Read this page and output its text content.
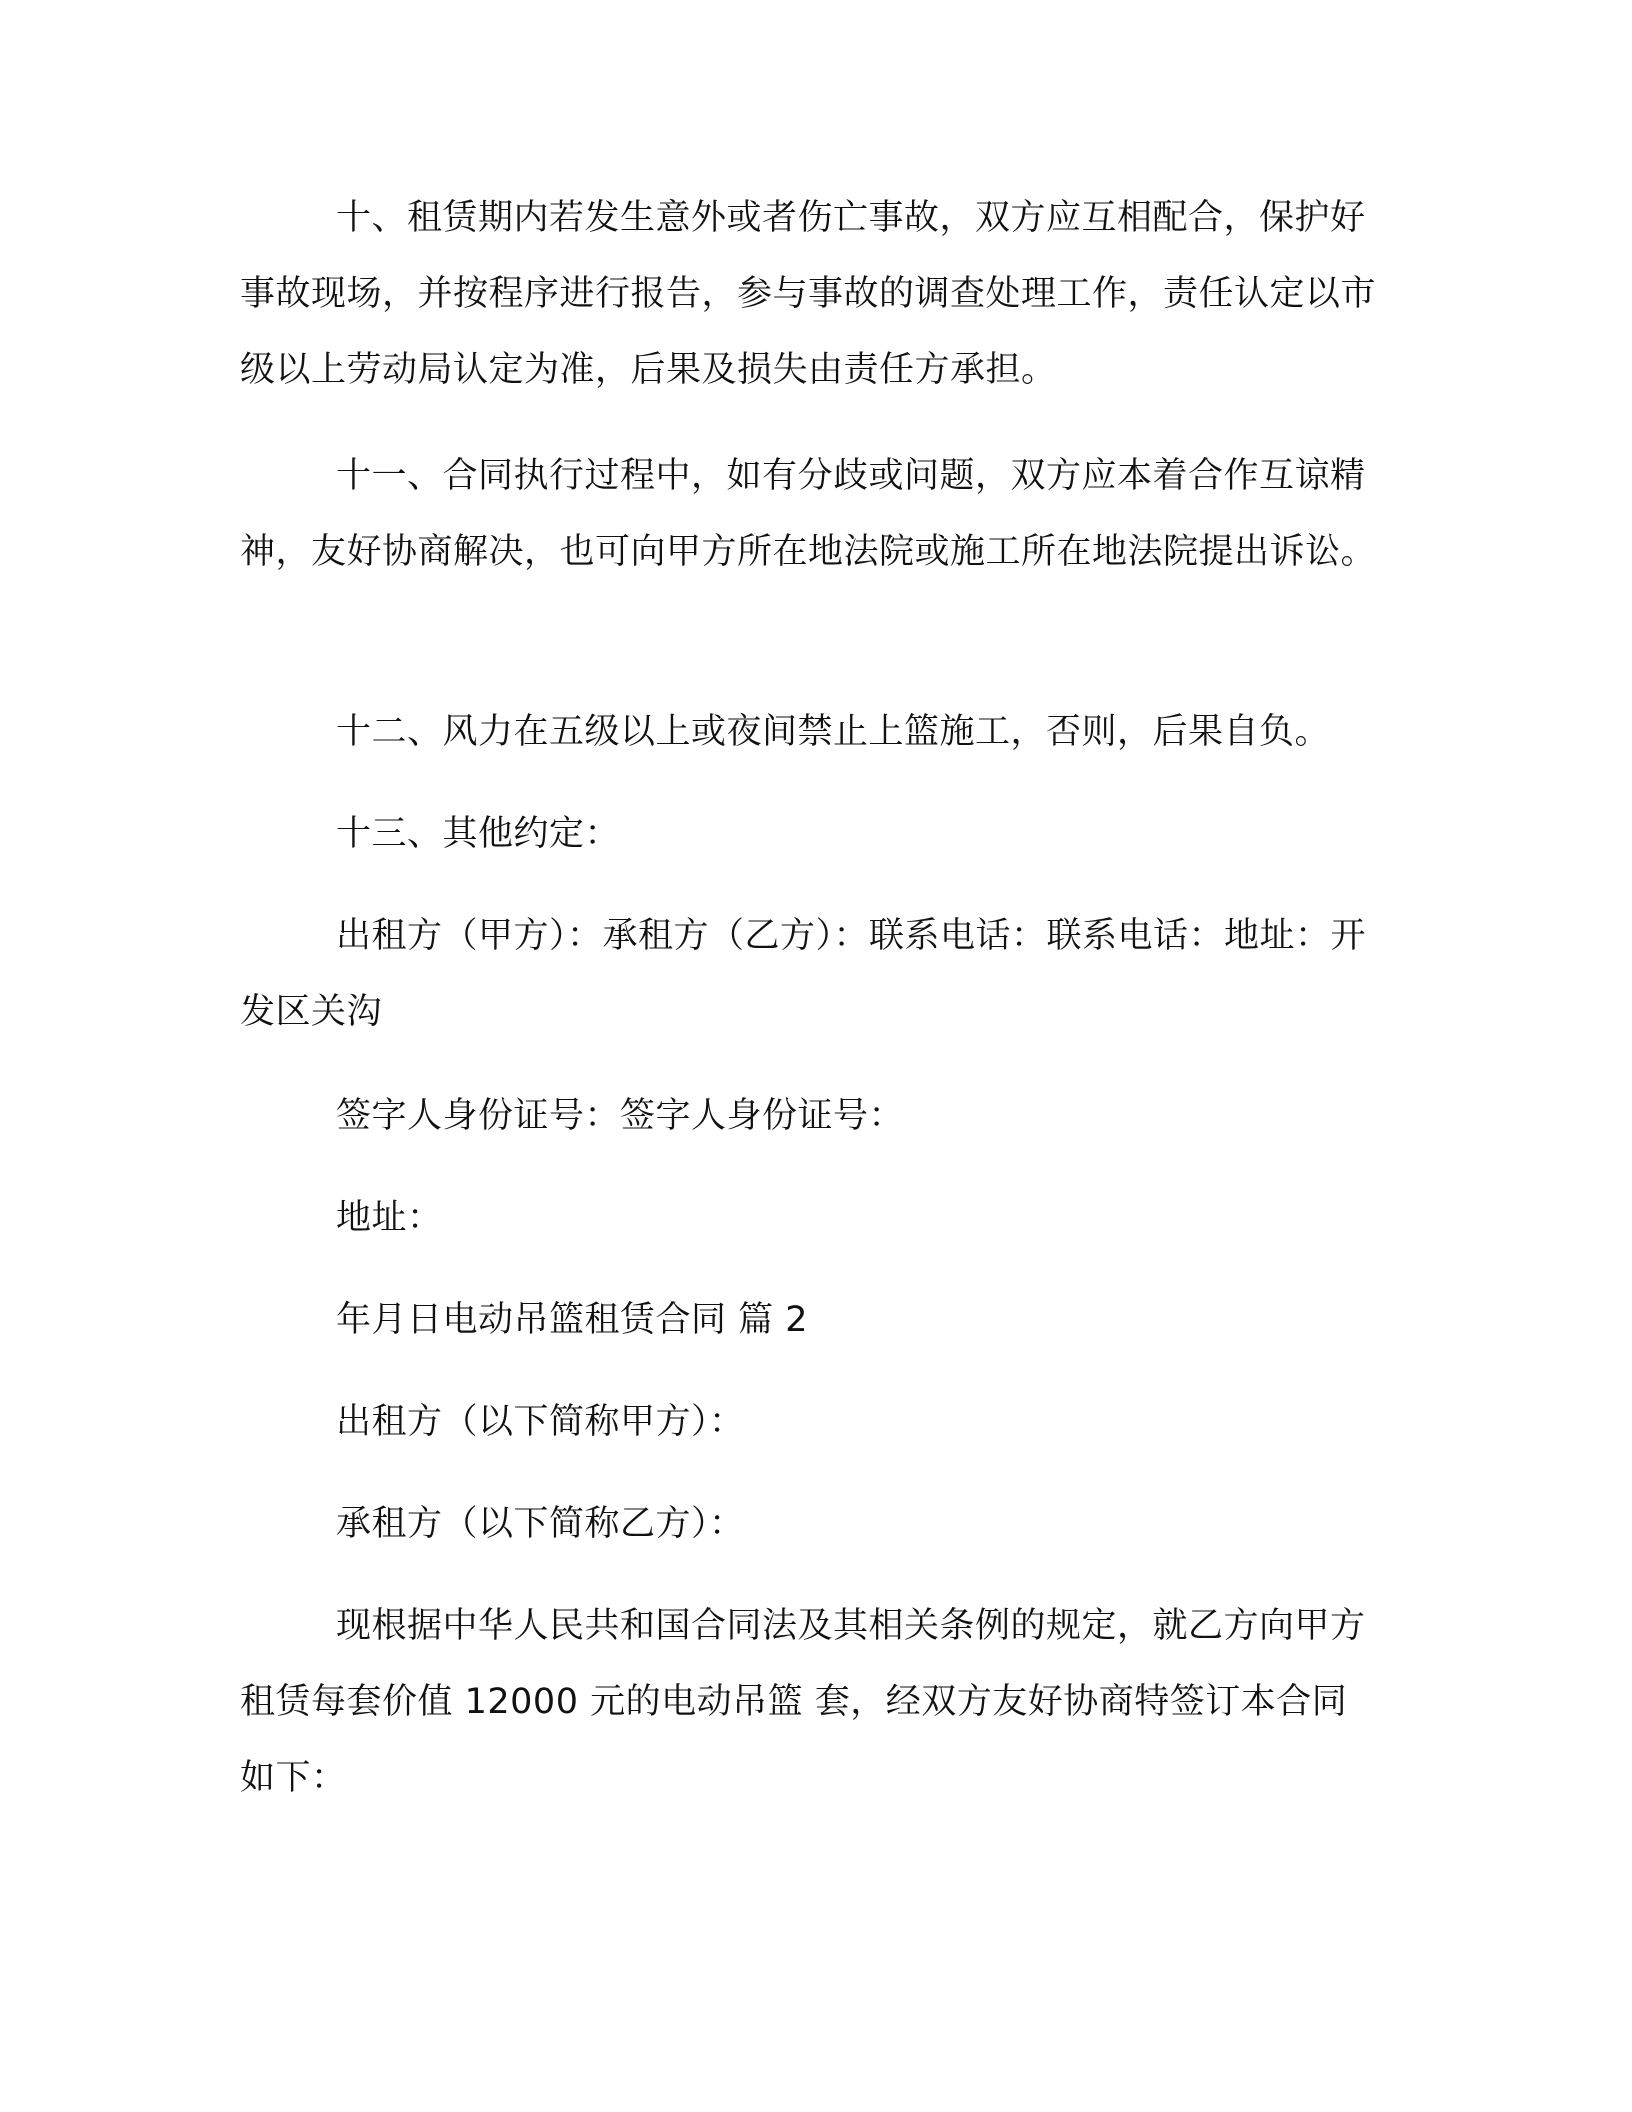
十、租赁期内若发生意外或者伤亡事故，双方应互相配合，保护好事故现场，并按程序进行报告，参与事故的调查处理工作，责任认定以市级以上劳动局认定为准，后果及损失由责任方承担。

十一、合同执行过程中，如有分歧或问题，双方应本着合作互谅精神，友好协商解决，也可向甲方所在地法院或施工所在地法院提出诉讼。

十二、风力在五级以上或夜间禁止上篮施工，否则，后果自负。

十三、其他约定：

出租方（甲方）：承租方（乙方）：联系电话：联系电话：地址：开发区关沟

签字人身份证号：签字人身份证号：

地址：

年月日电动吊篮租赁合同 篇 2

出租方（以下简称甲方）：

承租方（以下简称乙方）：

现根据中华人民共和国合同法及其相关条例的规定，就乙方向甲方租赁每套价值 12000 元的电动吊篮 套，经双方友好协商特签订本合同如下：
